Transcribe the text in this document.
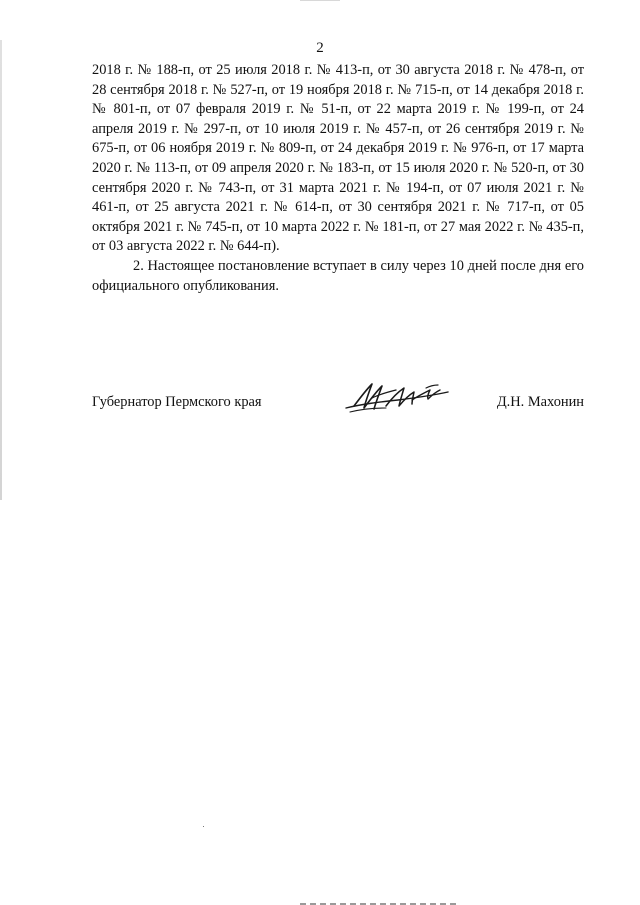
2

2018 г. № 188-п, от 25 июля 2018 г. № 413-п, от 30 августа 2018 г. № 478-п, от 28 сентября 2018 г. № 527-п, от 19 ноября 2018 г. № 715-п, от 14 декабря 2018 г. № 801-п, от 07 февраля 2019 г. № 51-п, от 22 марта 2019 г. № 199-п, от 24 апреля 2019 г. № 297-п, от 10 июля 2019 г. № 457-п, от 26 сентября 2019 г. № 675-п, от 06 ноября 2019 г. № 809-п, от 24 декабря 2019 г. № 976-п, от 17 марта 2020 г. № 113-п, от 09 апреля 2020 г. № 183-п, от 15 июля 2020 г. № 520-п, от 30 сентября 2020 г. № 743-п, от 31 марта 2021 г. № 194-п, от 07 июля 2021 г. № 461-п, от 25 августа 2021 г. № 614-п, от 30 сентября 2021 г. № 717-п, от 05 октября 2021 г. № 745-п, от 10 марта 2022 г. № 181-п, от 27 мая 2022 г. № 435-п, от 03 августа 2022 г. № 644-п).

2. Настоящее постановление вступает в силу через 10 дней после дня его официального опубликования.

Губернатор Пермского края	Д.Н. Махонин
